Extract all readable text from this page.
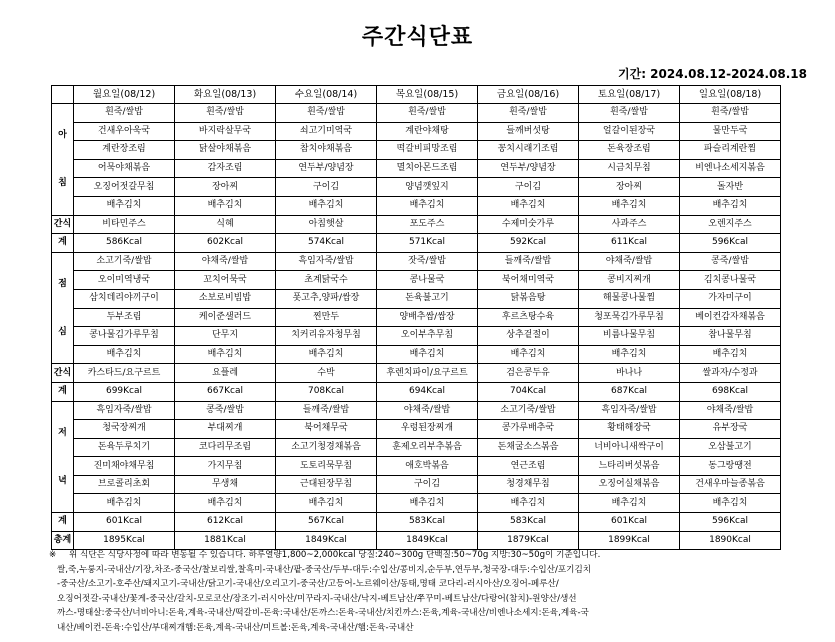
주간식단표
기간: 2024.08.12-2024.08.18
	월요일(08/12)	화요일(08/13)	수요일(08/14)	목요일(08/15)	금요일(08/16)	토요일(08/17)	일요일(08/18)

아
침	흰죽/쌀밥	흰죽/쌀밥	흰죽/쌀밥	흰죽/쌀밥	흰죽/쌀밥	흰죽/쌀밥	흰죽/쌀밥
	건새우아욱국	바지락살무국	쇠고기미역국	계란야채탕	들깨버섯탕	얼갈이된장국	물만두국
	계란장조림	닭살야채볶음	참치야채볶음	떡갈비피망조림	꽁치시래기조림	돈육장조림	파슬리계란찜
	어묵야채볶음	감자조림	연두부/양념장	멸치아몬드조림	연두부/양념장	시금치무침	비엔나소세지볶음
	오징어젓갈무침	장아찌	구이김	양념깻잎지	구이김	장아찌	돌자반
	배추김치	배추김치	배추김치	배추김치	배추김치	배추김치	배추김치
간식	비타민주스	식혜	아침햇살	포도주스	수제미숫가루	사과주스	오렌지주스
계	586Kcal	602Kcal	574Kcal	571Kcal	592Kcal	611Kcal	596Kcal

점
심	소고기죽/쌀밥	야채죽/쌀밥	흑임자죽/쌀밥	잣죽/쌀밥	들깨죽/쌀밥	야채죽/쌀밥	콩죽/쌀밥
	오이미역냉국	꼬치어묵국	초계닭국수	콩나물국	북어채미역국	콩비지찌개	김치콩나물국
	삼치데리야끼구이	소보로비빔밥	폿고추,양파/쌈장	돈육불고기	닭볶음탕	해물콩나물찜	가자미구이
	두부조림	케이준샐러드	찐만두	양배추쌈/쌈장	후르츠탕수육	청포묵김가루무침	베이컨감자채볶음
	콩나물김가루무침	단무지	치커리유자청무침	오이부추무침	상추겉절이	비름나물무침	참나물무침
	배추김치	배추김치	배추김치	배추김치	배추김치	배추김치	배추김치
간식	카스타드/요구르트	요플레	수박	후렌치파이/요구르트	검은콩두유	바나나	쌀과자/수정과
계	699Kcal	667Kcal	708Kcal	694Kcal	704Kcal	687Kcal	698Kcal

저
녁	흑임자죽/쌀밥	콩죽/쌀밥	들깨죽/쌀밥	야채죽/쌀밥	소고기죽/쌀밥	흑임자죽/쌀밥	야채죽/쌀밥
	청국장찌개	부대찌개	북어채무국	우렁된장찌개	콩가루배추국	황태해장국	유부장국
	돈육두루치기	코다리무조림	소고기청경채볶음	훈제오리부추볶음	돈채굴소스볶음	너비아니새싹구이	오삼불고기
	진미채야채무침	가지무침	도토리묵무침	애호박볶음	연근조림	느타리버섯볶음	동그랑땡전
	브로콜리초회	무생채	근대된장무침	구이김	청경채무침	오징어실채볶음	건새우마늘종볶음
	배추김치	배추김치	배추김치	배추김치	배추김치	배추김치	배추김치
계	601Kcal	612Kcal	567Kcal	583Kcal	583Kcal	601Kcal	596Kcal
총계	1895Kcal	1881Kcal	1849Kcal	1849Kcal	1879Kcal	1899Kcal	1890Kcal
※ 위 식단은 식당사정에 따라 변동될 수 있습니다. 하루열량1,800~2,000kcal 당질:240~300g 단백질:50~70g 지방:30~50g이 기준입니다.

쌀,죽,누룽지-국내산/기장,차조-중국산/찰보리쌀,찰흑미-국내산/팥-중국산/두부-대두:수입산/콩비지,순두부,연두부,청국장-대두:수입산/포기김치

-중국산/소고기-호주산/돼지고기-국내산/닭고기-국내산/오리고기-중국산/고등어-노르웨이산/동태,명태 코다리-러시아산/오징어-페루산/

오징어젓갈-국내산/꽃게-중국산/갈치-모로코산/장조기-러시아산/미꾸라지-국내산/낙지-베트남산/쭈꾸미-베트남산/다랑어(참치)-원양산/생선

까스-명태살:중국산/너비아니:돈육,계육-국내산/떡갈비-돈육:국내산/돈까스:돈육-국내산/치킨까스:돈육,계육-국내산/비엔나소세지:돈육,계육-국

내산/베이컨-돈육:수입산/부대찌개햄:돈육,계육-국내산/미트볼:돈육,계육-국내산/햄:돈육-국내산
